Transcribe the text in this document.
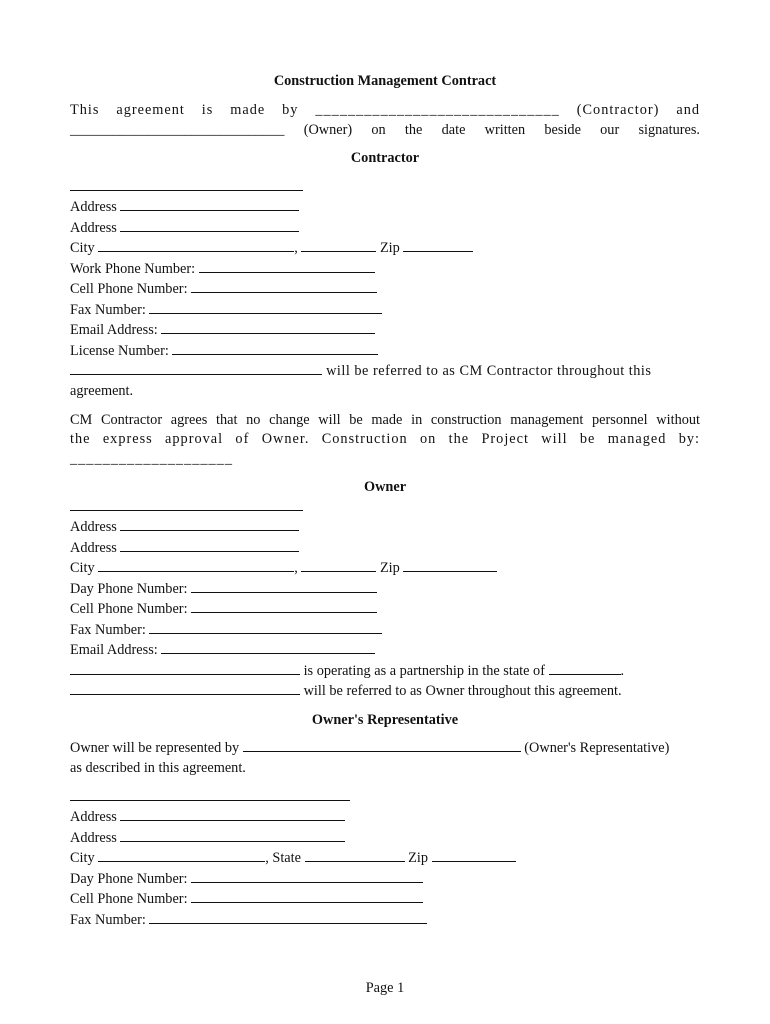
Construction Management Contract
This agreement is made by ______________________________ (Contractor) and
______________________________ (Owner) on the date written beside our signatures.
Contractor
Address
Address
City	,	Zip
Work Phone Number:
Cell Phone Number:
Fax Number:
Email Address:
License Number:
will be referred to as CM Contractor throughout this
agreement.
CM Contractor agrees that no change will be made in construction management personnel without
the express approval of Owner. Construction on the Project will be managed by:
____________________
Owner
Address
Address
City	,	Zip
Day Phone Number:
Cell Phone Number:
Fax Number:
Email Address:
is operating as a partnership in the state of	.
will be referred to as Owner throughout this agreement.
Owner's Representative
Owner will be represented by	(Owner's Representative)
as described in this agreement.
Address
Address
City	, State	Zip
Day Phone Number:
Cell Phone Number:
Fax Number:
Page 1
